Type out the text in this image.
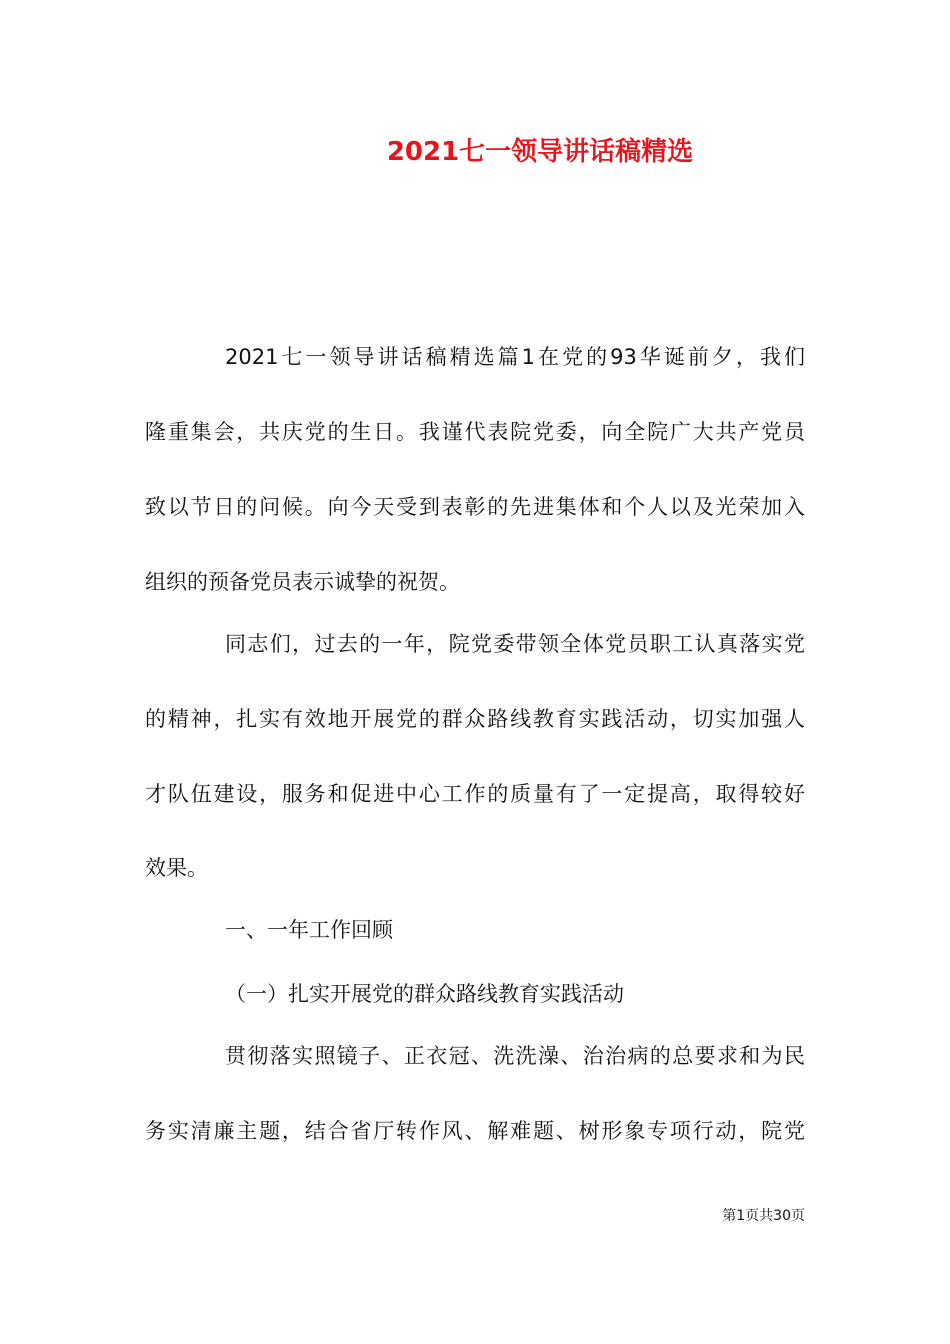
2021七一领导讲话稿精选
2021七一领导讲话稿精选篇1在党的93华诞前夕，我们
隆重集会，共庆党的生日。我谨代表院党委，向全院广大共产党员
致以节日的问候。向今天受到表彰的先进集体和个人以及光荣加入
组织的预备党员表示诚挚的祝贺。
同志们，过去的一年，院党委带领全体党员职工认真落实党
的精神，扎实有效地开展党的群众路线教育实践活动，切实加强人
才队伍建设，服务和促进中心工作的质量有了一定提高，取得较好
效果。
一、一年工作回顾
（一）扎实开展党的群众路线教育实践活动
贯彻落实照镜子、正衣冠、洗洗澡、治治病的总要求和为民
务实清廉主题，结合省厅转作风、解难题、树形象专项行动，院党
第1页共30页
